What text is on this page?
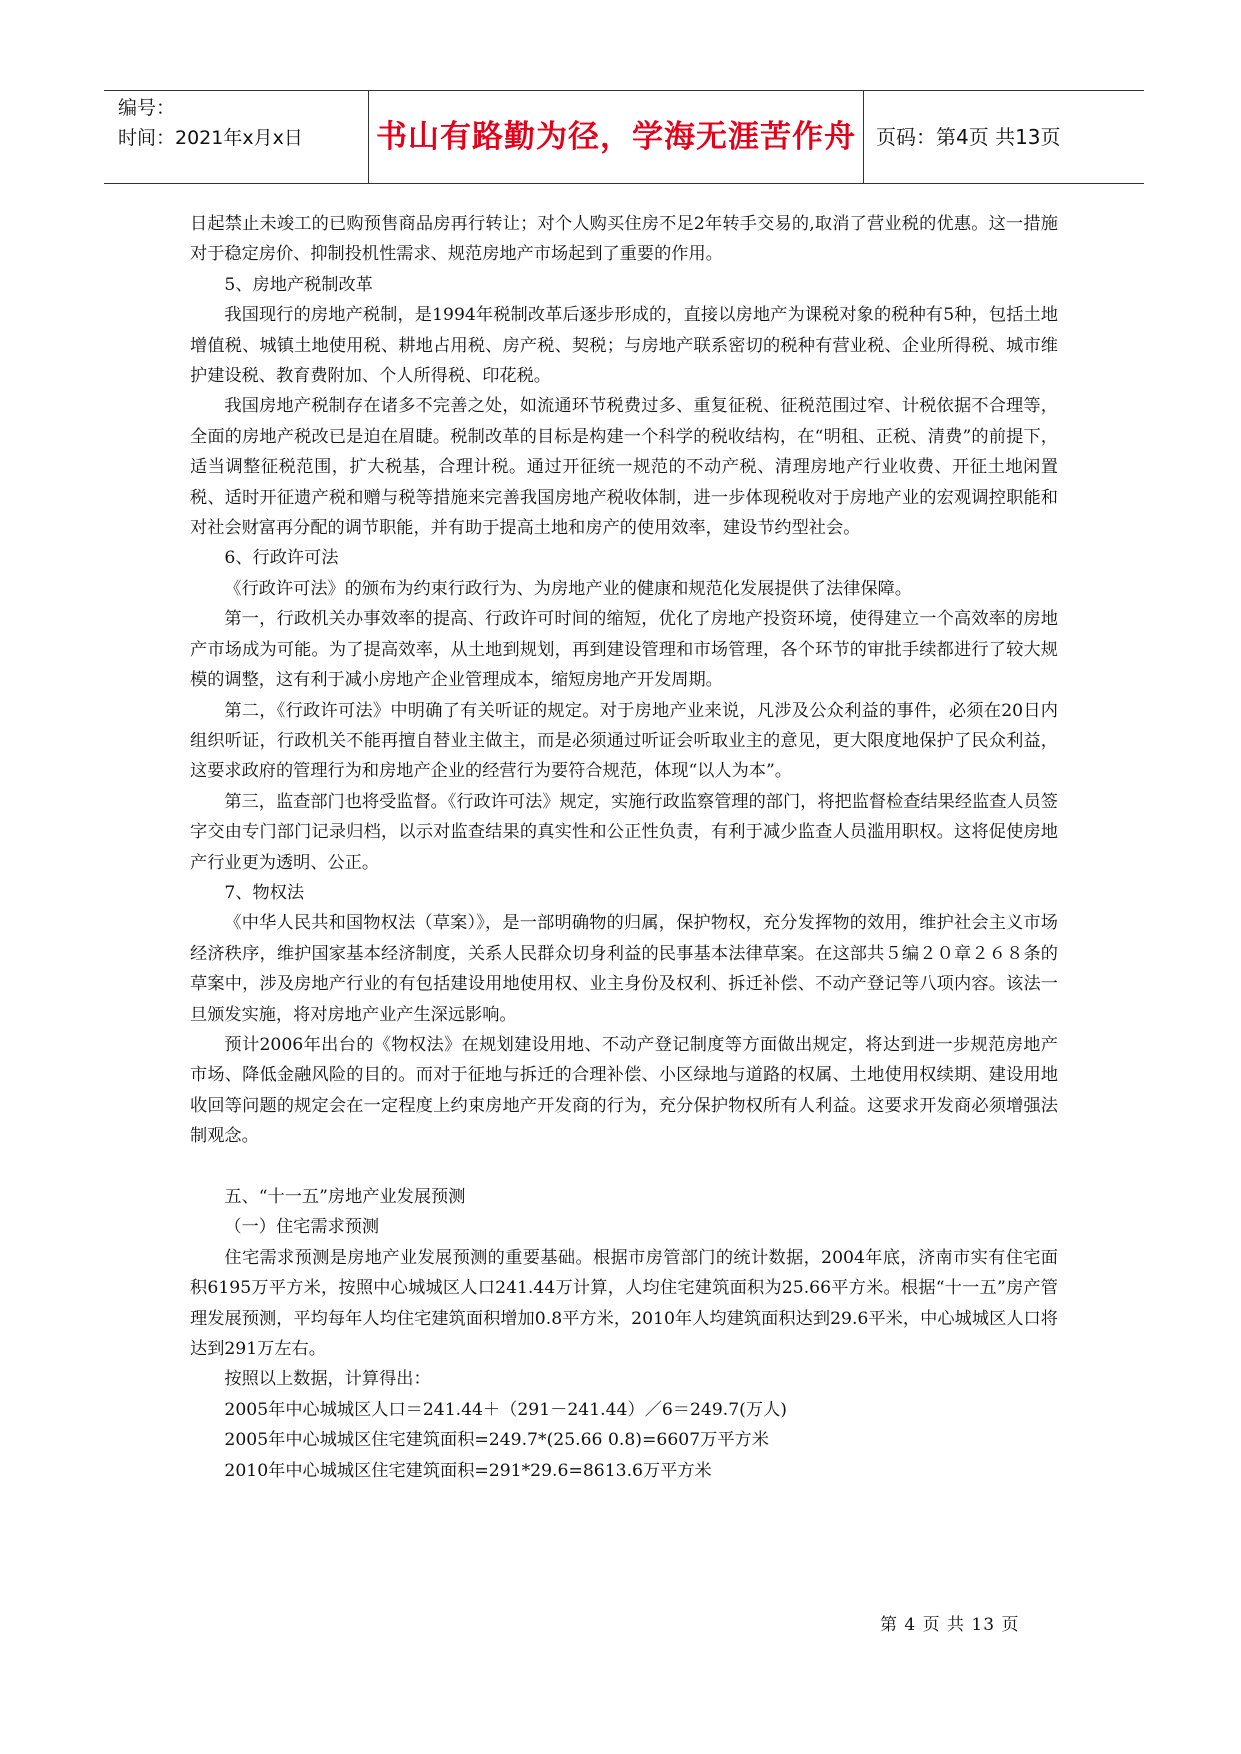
编号：
时间：2021年x月x日	书山有路勤为径，学海无涯苦作舟	页码：第4页 共13页

日起禁止未竣工的已购预售商品房再行转让；对个人购买住房不足2年转手交易的,取消了营业税的优惠。这一措施对于稳定房价、抑制投机性需求、规范房地产市场起到了重要的作用。

5、房地产税制改革

我国现行的房地产税制，是1994年税制改革后逐步形成的，直接以房地产为课税对象的税种有5种，包括土地增值税、城镇土地使用税、耕地占用税、房产税、契税；与房地产联系密切的税种有营业税、企业所得税、城市维护建设税、教育费附加、个人所得税、印花税。

我国房地产税制存在诸多不完善之处，如流通环节税费过多、重复征税、征税范围过窄、计税依据不合理等，全面的房地产税改已是迫在眉睫。税制改革的目标是构建一个科学的税收结构，在“明租、正税、清费”的前提下，适当调整征税范围，扩大税基，合理计税。通过开征统一规范的不动产税、清理房地产行业收费、开征土地闲置税、适时开征遗产税和赠与税等措施来完善我国房地产税收体制，进一步体现税收对于房地产业的宏观调控职能和对社会财富再分配的调节职能，并有助于提高土地和房产的使用效率，建设节约型社会。

6、行政许可法

《行政许可法》的颁布为约束行政行为、为房地产业的健康和规范化发展提供了法律保障。

第一，行政机关办事效率的提高、行政许可时间的缩短，优化了房地产投资环境，使得建立一个高效率的房地产市场成为可能。为了提高效率，从土地到规划，再到建设管理和市场管理，各个环节的审批手续都进行了较大规模的调整，这有利于减小房地产企业管理成本，缩短房地产开发周期。

第二，《行政许可法》中明确了有关听证的规定。对于房地产业来说，凡涉及公众利益的事件，必须在20日内组织听证，行政机关不能再擅自替业主做主，而是必须通过听证会听取业主的意见，更大限度地保护了民众利益，这要求政府的管理行为和房地产企业的经营行为要符合规范，体现“以人为本”。

第三，监查部门也将受监督。《行政许可法》规定，实施行政监察管理的部门，将把监督检查结果经监查人员签字交由专门部门记录归档，以示对监查结果的真实性和公正性负责，有利于减少监查人员滥用职权。这将促使房地产行业更为透明、公正。

7、物权法

《中华人民共和国物权法（草案）》，是一部明确物的归属，保护物权，充分发挥物的效用，维护社会主义市场经济秩序，维护国家基本经济制度，关系人民群众切身利益的民事基本法律草案。在这部共５编２０章２６８条的草案中，涉及房地产行业的有包括建设用地使用权、业主身份及权利、拆迁补偿、不动产登记等八项内容。该法一旦颁发实施，将对房地产业产生深远影响。

预计2006年出台的《物权法》在规划建设用地、不动产登记制度等方面做出规定，将达到进一步规范房地产市场、降低金融风险的目的。而对于征地与拆迁的合理补偿、小区绿地与道路的权属、土地使用权续期、建设用地收回等问题的规定会在一定程度上约束房地产开发商的行为，充分保护物权所有人利益。这要求开发商必须增强法制观念。

五、“十一五”房地产业发展预测

（一）住宅需求预测

住宅需求预测是房地产业发展预测的重要基础。根据市房管部门的统计数据，2004年底，济南市实有住宅面积6195万平方米，按照中心城城区人口241.44万计算，人均住宅建筑面积为25.66平方米。根据“十一五”房产管理发展预测，平均每年人均住宅建筑面积增加0.8平方米，2010年人均建筑面积达到29.6平米，中心城城区人口将达到291万左右。

按照以上数据，计算得出：

2005年中心城城区人口＝241.44＋（291－241.44）／6＝249.7(万人)

2005年中心城城区住宅建筑面积=249.7*(25.66 0.8)=6607万平方米

2010年中心城城区住宅建筑面积=291*29.6=8613.6万平方米

第 4 页 共 13 页
